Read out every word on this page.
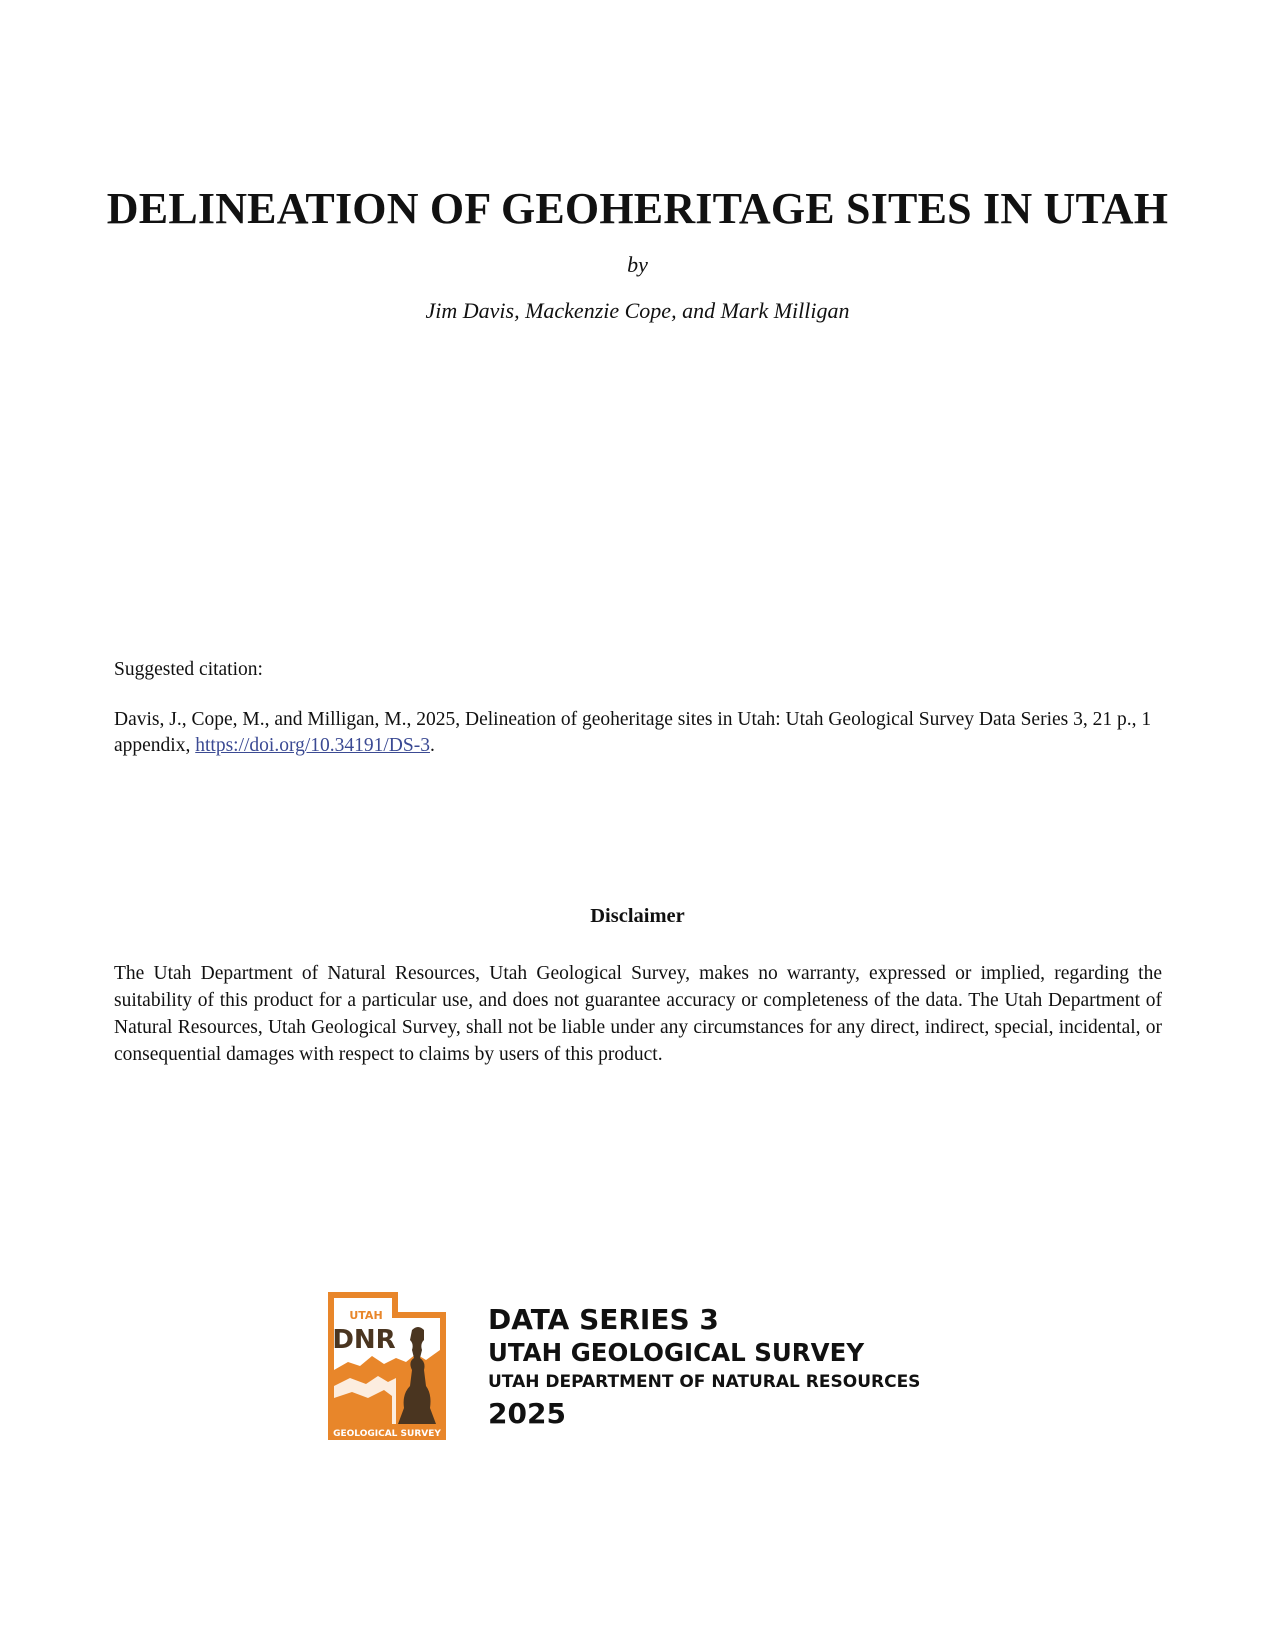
DELINEATION OF GEOHERITAGE SITES IN UTAH
by
Jim Davis, Mackenzie Cope, and Mark Milligan
Suggested citation:
Davis, J., Cope, M., and Milligan, M., 2025, Delineation of geoheritage sites in Utah: Utah Geological Survey Data Series 3, 21 p., 1 appendix, https://doi.org/10.34191/DS-3.
Disclaimer

The Utah Department of Natural Resources, Utah Geological Survey, makes no warranty, expressed or implied, regarding the suitability of this product for a particular use, and does not guarantee accuracy or completeness of the data. The Utah Department of Natural Resources, Utah Geological Survey, shall not be liable under any circumstances for any direct, indirect, special, incidental, or consequential damages with respect to claims by users of this product.

UTAH
DNR
GEOLOGICAL SURVEY
DATA SERIES 3
UTAH GEOLOGICAL SURVEY
UTAH DEPARTMENT OF NATURAL RESOURCES
2025
